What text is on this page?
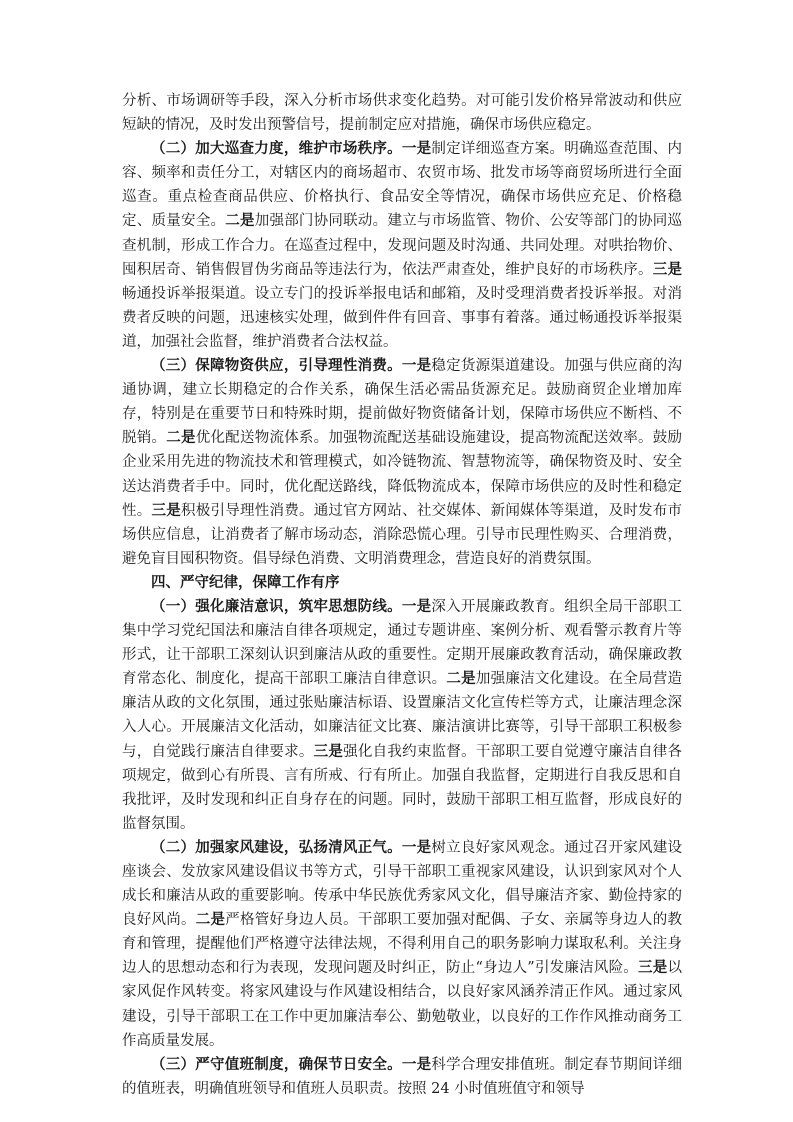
分析、市场调研等手段，深入分析市场供求变化趋势。对可能引发价格异常波动和供应短缺的情况，及时发出预警信号，提前制定应对措施，确保市场供应稳定。

（二）加大巡查力度，维护市场秩序。一是制定详细巡查方案。明确巡查范围、内容、频率和责任分工，对辖区内的商场超市、农贸市场、批发市场等商贸场所进行全面巡查。重点检查商品供应、价格执行、食品安全等情况，确保市场供应充足、价格稳定、质量安全。二是加强部门协同联动。建立与市场监管、物价、公安等部门的协同巡查机制，形成工作合力。在巡查过程中，发现问题及时沟通、共同处理。对哄抬物价、囤积居奇、销售假冒伪劣商品等违法行为，依法严肃查处，维护良好的市场秩序。三是畅通投诉举报渠道。设立专门的投诉举报电话和邮箱，及时受理消费者投诉举报。对消费者反映的问题，迅速核实处理，做到件件有回音、事事有着落。通过畅通投诉举报渠道，加强社会监督，维护消费者合法权益。

（三）保障物资供应，引导理性消费。一是稳定货源渠道建设。加强与供应商的沟通协调，建立长期稳定的合作关系，确保生活必需品货源充足。鼓励商贸企业增加库存，特别是在重要节日和特殊时期，提前做好物资储备计划，保障市场供应不断档、不脱销。二是优化配送物流体系。加强物流配送基础设施建设，提高物流配送效率。鼓励企业采用先进的物流技术和管理模式，如冷链物流、智慧物流等，确保物资及时、安全送达消费者手中。同时，优化配送路线，降低物流成本，保障市场供应的及时性和稳定性。三是积极引导理性消费。通过官方网站、社交媒体、新闻媒体等渠道，及时发布市场供应信息，让消费者了解市场动态，消除恐慌心理。引导市民理性购买、合理消费，避免盲目囤积物资。倡导绿色消费、文明消费理念，营造良好的消费氛围。

四、严守纪律，保障工作有序

（一）强化廉洁意识，筑牢思想防线。一是深入开展廉政教育。组织全局干部职工集中学习党纪国法和廉洁自律各项规定，通过专题讲座、案例分析、观看警示教育片等形式，让干部职工深刻认识到廉洁从政的重要性。定期开展廉政教育活动，确保廉政教育常态化、制度化，提高干部职工廉洁自律意识。二是加强廉洁文化建设。在全局营造廉洁从政的文化氛围，通过张贴廉洁标语、设置廉洁文化宣传栏等方式，让廉洁理念深入人心。开展廉洁文化活动，如廉洁征文比赛、廉洁演讲比赛等，引导干部职工积极参与，自觉践行廉洁自律要求。三是强化自我约束监督。干部职工要自觉遵守廉洁自律各项规定，做到心有所畏、言有所戒、行有所止。加强自我监督，定期进行自我反思和自我批评，及时发现和纠正自身存在的问题。同时，鼓励干部职工相互监督，形成良好的监督氛围。

（二）加强家风建设，弘扬清风正气。一是树立良好家风观念。通过召开家风建设座谈会、发放家风建设倡议书等方式，引导干部职工重视家风建设，认识到家风对个人成长和廉洁从政的重要影响。传承中华民族优秀家风文化，倡导廉洁齐家、勤俭持家的良好风尚。二是严格管好身边人员。干部职工要加强对配偶、子女、亲属等身边人的教育和管理，提醒他们严格遵守法律法规，不得利用自己的职务影响力谋取私利。关注身边人的思想动态和行为表现，发现问题及时纠正，防止“身边人”引发廉洁风险。三是以家风促作风转变。将家风建设与作风建设相结合，以良好家风涵养清正作风。通过家风建设，引导干部职工在工作中更加廉洁奉公、勤勉敬业，以良好的工作作风推动商务工作高质量发展。

（三）严守值班制度，确保节日安全。一是科学合理安排值班。制定春节期间详细的值班表，明确值班领导和值班人员职责。按照 24 小时值班值守和领导
